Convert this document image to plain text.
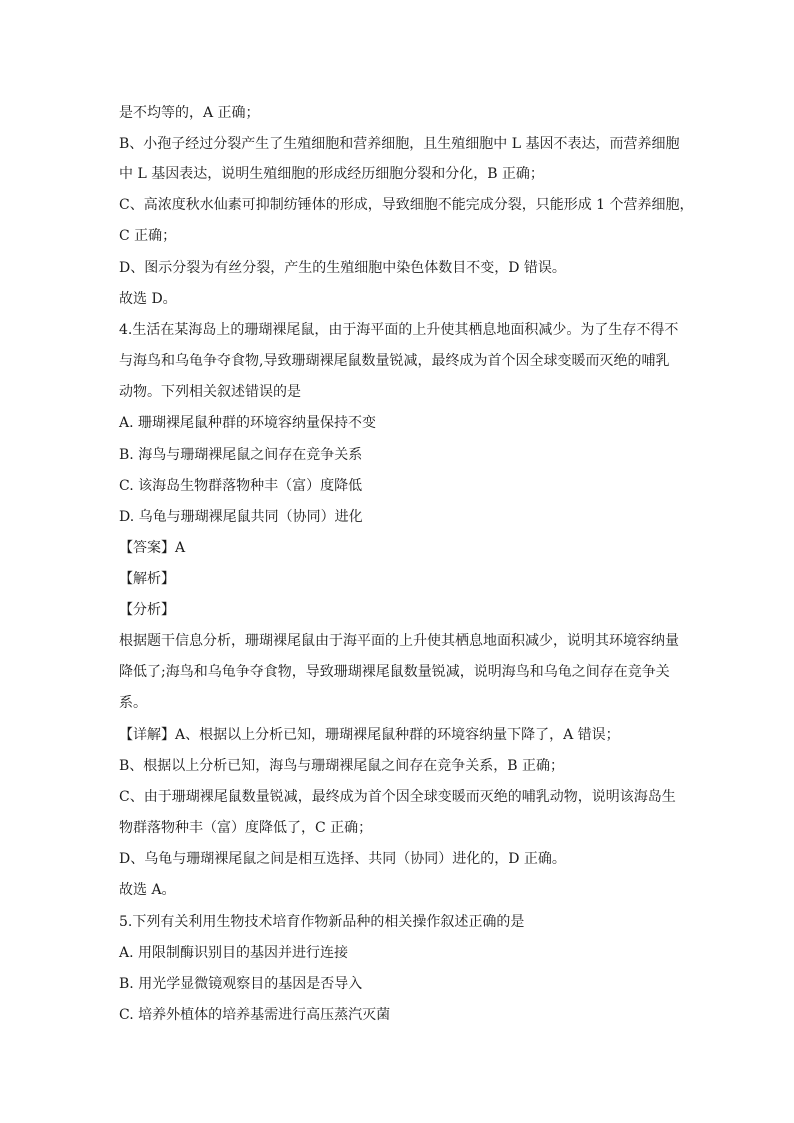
是不均等的，A 正确；
B、小孢子经过分裂产生了生殖细胞和营养细胞，且生殖细胞中 L 基因不表达，而营养细胞
中 L 基因表达，说明生殖细胞的形成经历细胞分裂和分化，B 正确；
C、高浓度秋水仙素可抑制纺锤体的形成，导致细胞不能完成分裂，只能形成 1 个营养细胞，
C 正确；
D、图示分裂为有丝分裂，产生的生殖细胞中染色体数目不变，D 错误。
故选 D。
4.生活在某海岛上的珊瑚裸尾鼠，由于海平面的上升使其栖息地面积减少。为了生存不得不
与海鸟和乌龟争夺食物,导致珊瑚裸尾鼠数量锐减，最终成为首个因全球变暖而灭绝的哺乳
动物。下列相关叙述错误的是
A. 珊瑚裸尾鼠种群的环境容纳量保持不变
B. 海鸟与珊瑚裸尾鼠之间存在竞争关系
C. 该海岛生物群落物种丰（富）度降低
D. 乌龟与珊瑚裸尾鼠共同（协同）进化
【答案】A
【解析】
【分析】
根据题干信息分析，珊瑚裸尾鼠由于海平面的上升使其栖息地面积减少，说明其环境容纳量
降低了;海鸟和乌龟争夺食物，导致珊瑚裸尾鼠数量锐减，说明海鸟和乌龟之间存在竞争关
系。
【详解】A、根据以上分析已知，珊瑚裸尾鼠种群的环境容纳量下降了，A 错误；
B、根据以上分析已知，海鸟与珊瑚裸尾鼠之间存在竞争关系，B 正确；
C、由于珊瑚裸尾鼠数量锐减，最终成为首个因全球变暖而灭绝的哺乳动物，说明该海岛生
物群落物种丰（富）度降低了，C 正确；
D、乌龟与珊瑚裸尾鼠之间是相互选择、共同（协同）进化的，D 正确。
故选 A。
5.下列有关利用生物技术培育作物新品种的相关操作叙述正确的是
A. 用限制酶识别目的基因并进行连接
B. 用光学显微镜观察目的基因是否导入
C. 培养外植体的培养基需进行高压蒸汽灭菌
